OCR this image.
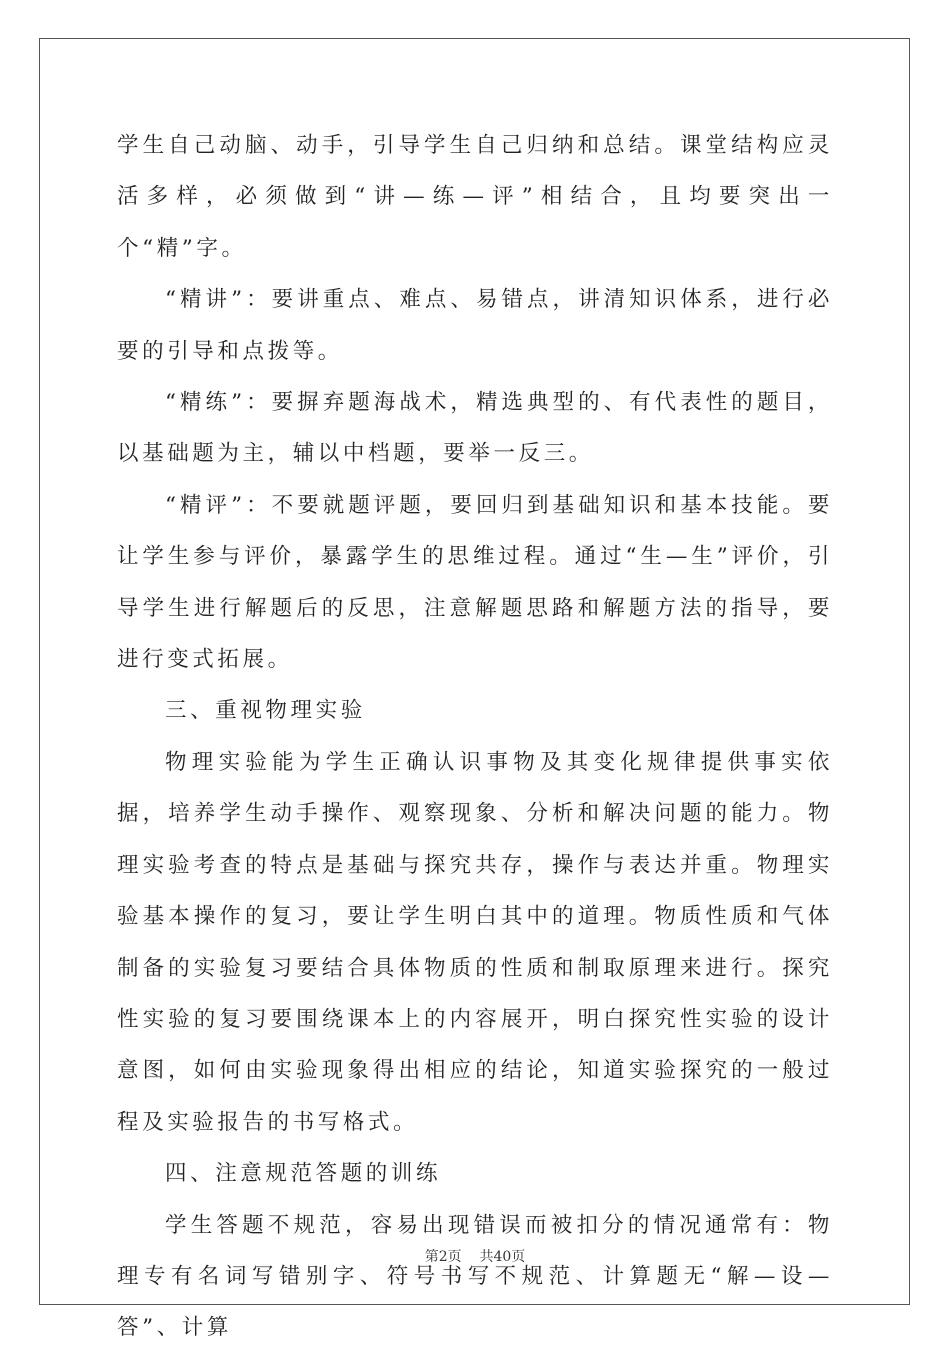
学生自己动脑、动手，引导学生自己归纳和总结。课堂结构应灵活多样，必须做到“讲—练—评”相结合，且均要突出一个“精”字。

“精讲”：要讲重点、难点、易错点，讲清知识体系，进行必要的引导和点拨等。

“精练”：要摒弃题海战术，精选典型的、有代表性的题目，以基础题为主，辅以中档题，要举一反三。

“精评”：不要就题评题，要回归到基础知识和基本技能。要让学生参与评价，暴露学生的思维过程。通过“生—生”评价，引导学生进行解题后的反思，注意解题思路和解题方法的指导，要进行变式拓展。

三、重视物理实验

物理实验能为学生正确认识事物及其变化规律提供事实依据，培养学生动手操作、观察现象、分析和解决问题的能力。物理实验考查的特点是基础与探究共存，操作与表达并重。物理实验基本操作的复习，要让学生明白其中的道理。物质性质和气体制备的实验复习要结合具体物质的性质和制取原理来进行。探究性实验的复习要围绕课本上的内容展开，明白探究性实验的设计意图，如何由实验现象得出相应的结论，知道实验探究的一般过程及实验报告的书写格式。

四、注意规范答题的训练

学生答题不规范，容易出现错误而被扣分的情况通常有：物理专有名词写错别字、符号书写不规范、计算题无“解—设—答”、计算

第2页    共40页
